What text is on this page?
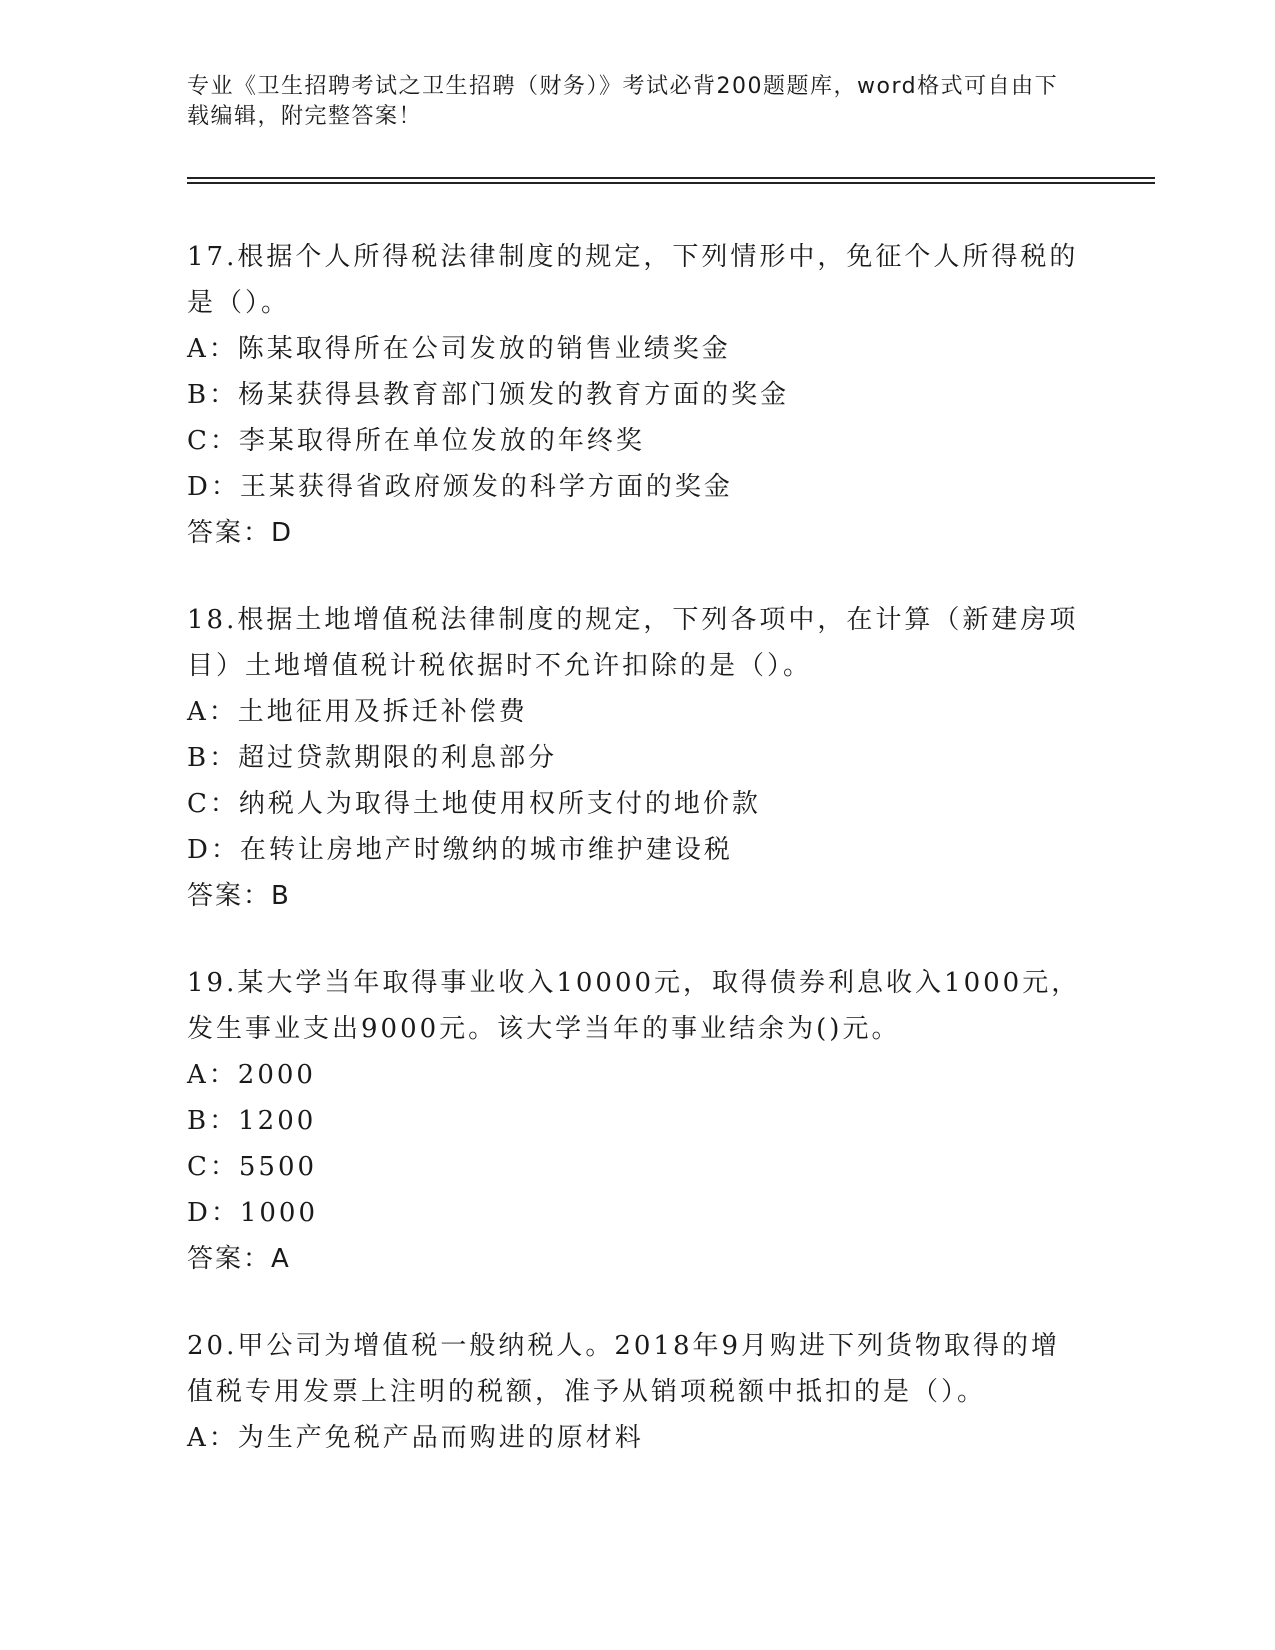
专业《卫生招聘考试之卫生招聘（财务）》考试必背200题题库，word格式可自由下载编辑，附完整答案！
17.根据个人所得税法律制度的规定，下列情形中，免征个人所得税的是（）。
A：陈某取得所在公司发放的销售业绩奖金
B：杨某获得县教育部门颁发的教育方面的奖金
C：李某取得所在单位发放的年终奖
D：王某获得省政府颁发的科学方面的奖金
答案：D
18.根据土地增值税法律制度的规定，下列各项中，在计算（新建房项目）土地增值税计税依据时不允许扣除的是（）。
A：土地征用及拆迁补偿费
B：超过贷款期限的利息部分
C：纳税人为取得土地使用权所支付的地价款
D：在转让房地产时缴纳的城市维护建设税
答案：B
19.某大学当年取得事业收入10000元，取得债券利息收入1000元，发生事业支出9000元。该大学当年的事业结余为()元。
A：2000
B：1200
C：5500
D：1000
答案：A
20.甲公司为增值税一般纳税人。2018年9月购进下列货物取得的增值税专用发票上注明的税额，准予从销项税额中抵扣的是（）。
A：为生产免税产品而购进的原材料
